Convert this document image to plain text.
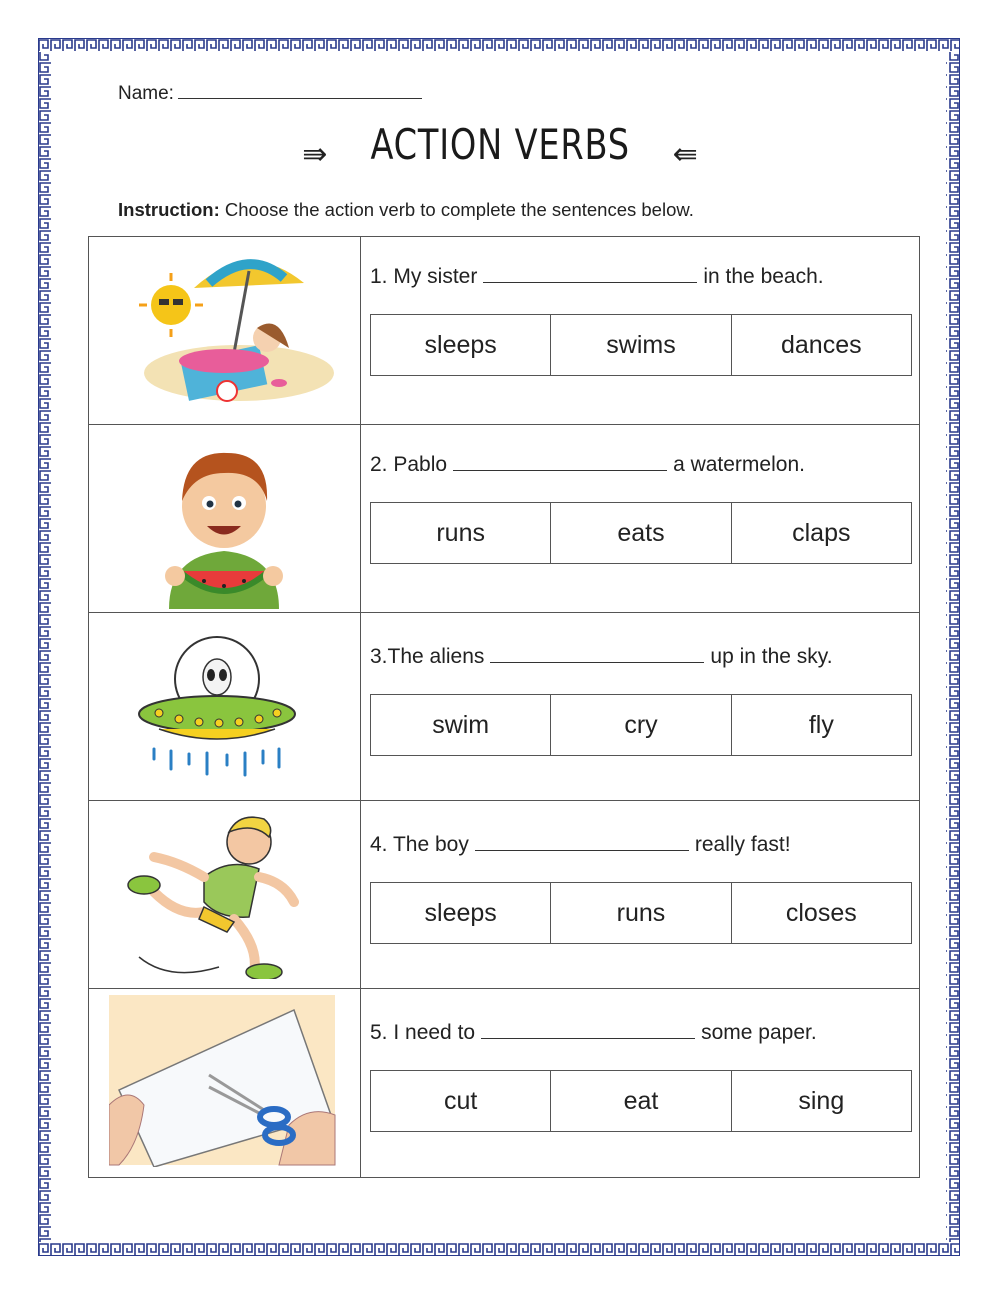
Name:
⇛ ACTION VERBS ⇚
Instruction: Choose the action verb to complete the sentences below.
1. My sister	in the beach.
sleeps	swims	dances
2. Pablo	a watermelon.
runs	eats	claps
3.The aliens	up in the sky.
swim	cry	fly
4. The boy	really fast!
sleeps	runs	closes
5. I need to	some paper.
cut	eat	sing
